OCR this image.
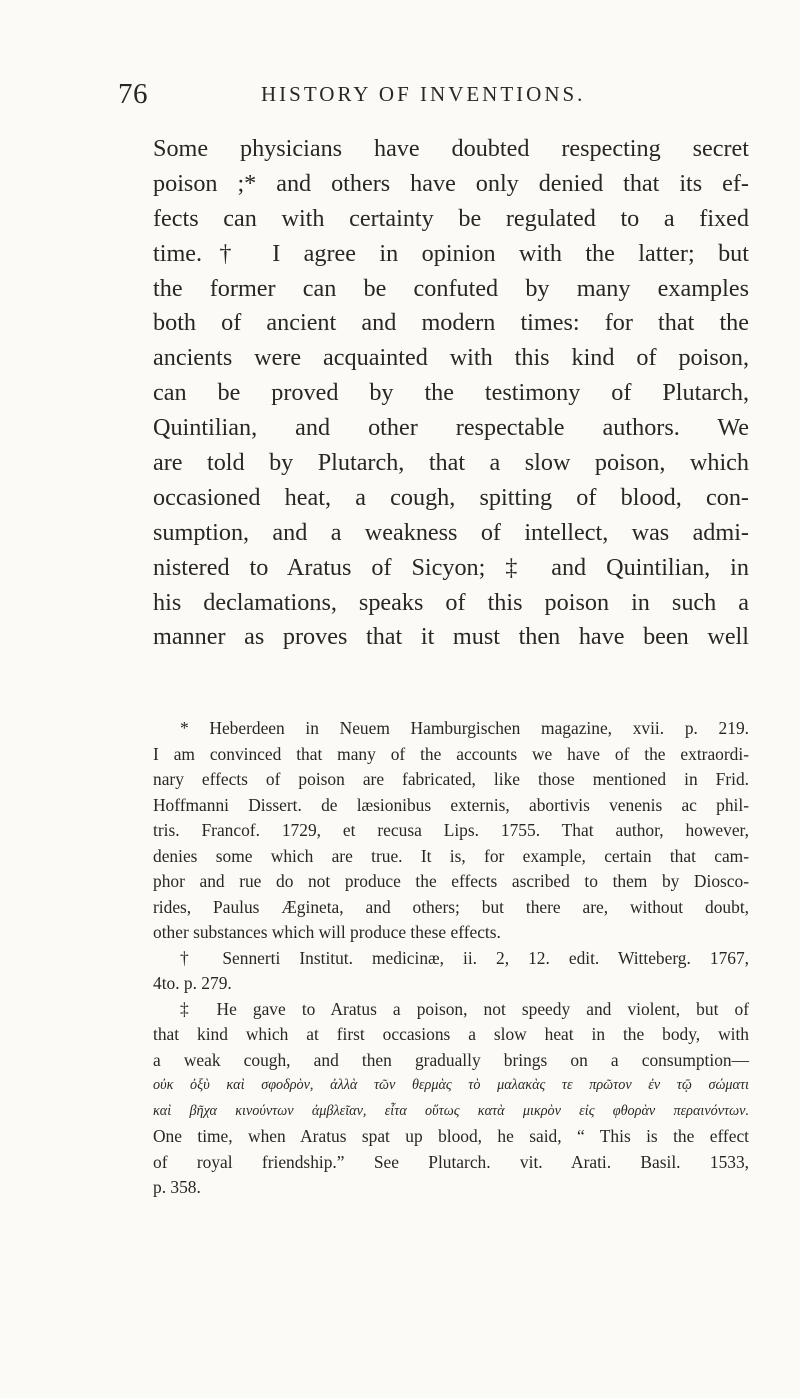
76	HISTORY OF INVENTIONS.
Some physicians have doubted respecting secret
poison ;* and others have only denied that its ef-
fects can with certainty be regulated to a fixed
time.† I agree in opinion with the latter; but
the former can be confuted by many examples
both of ancient and modern times: for that the
ancients were acquainted with this kind of poison,
can be proved by the testimony of Plutarch,
Quintilian, and other respectable authors. We
are told by Plutarch, that a slow poison, which
occasioned heat, a cough, spitting of blood, con-
sumption, and a weakness of intellect, was admi-
nistered to Aratus of Sicyon; ‡ and Quintilian, in
his declamations, speaks of this poison in such a
manner as proves that it must then have been well
* Heberdeen in Neuem Hamburgischen magazine, xvii. p. 219.
I am convinced that many of the accounts we have of the extraordi-
nary effects of poison are fabricated, like those mentioned in Frid.
Hoffmanni Dissert. de læsionibus externis, abortivis venenis ac phil-
tris. Francof. 1729, et recusa Lips. 1755. That author, however,
denies some which are true. It is, for example, certain that cam-
phor and rue do not produce the effects ascribed to them by Diosco-
rides, Paulus Ægineta, and others; but there are, without doubt,
other substances which will produce these effects.
† Sennerti Institut. medicinæ, ii. 2, 12. edit. Witteberg. 1767,
4to. p. 279.
‡ He gave to Aratus a poison, not speedy and violent, but of
that kind which at first occasions a slow heat in the body, with
a weak cough, and then gradually brings on a consumption—
οὐκ ὀξὺ καὶ σφοδρὸν, ἀλλὰ τῶν θερμὰς τὸ μαλακὰς τε πρῶτον ἐν τῷ σώματι
καὶ βῆχα κινούντων ἀμβλεῖαν, εἶτα οὕτως κατὰ μικρὸν εἰς φθορὰν περαινόντων.
One time, when Aratus spat up blood, he said, “ This is the effect
of royal friendship.” See Plutarch. vit. Arati. Basil. 1533,
p. 358.
